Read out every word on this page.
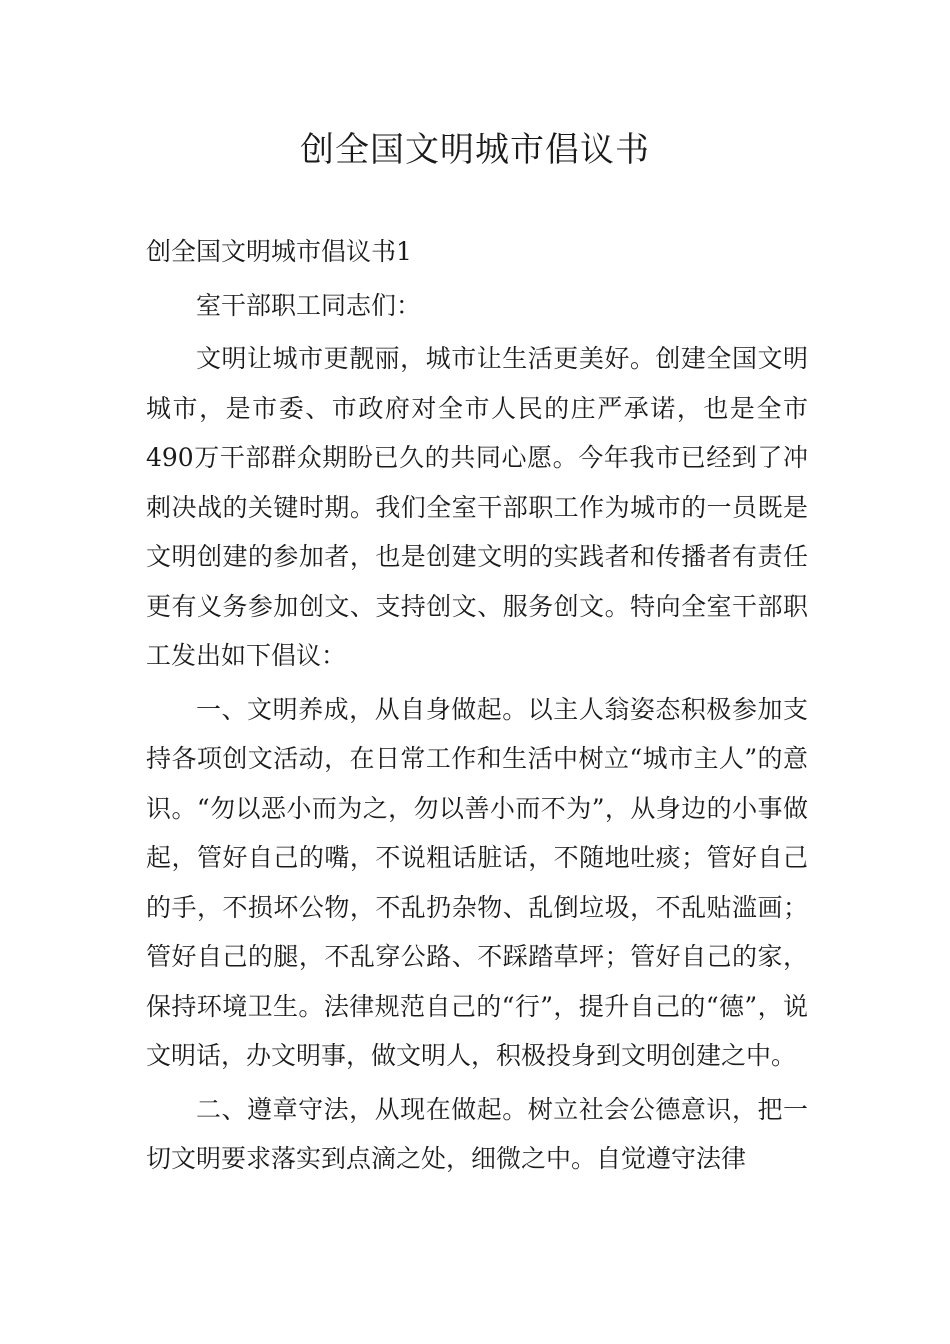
创全国文明城市倡议书

创全国文明城市倡议书1

室干部职工同志们：

文明让城市更靓丽，城市让生活更美好。创建全国文明城市，是市委、市政府对全市人民的庄严承诺，也是全市490万干部群众期盼已久的共同心愿。今年我市已经到了冲刺决战的关键时期。我们全室干部职工作为城市的一员既是文明创建的参加者，也是创建文明的实践者和传播者有责任更有义务参加创文、支持创文、服务创文。特向全室干部职工发出如下倡议：

一、文明养成，从自身做起。以主人翁姿态积极参加支持各项创文活动，在日常工作和生活中树立“城市主人”的意识。“勿以恶小而为之，勿以善小而不为”，从身边的小事做起，管好自己的嘴，不说粗话脏话，不随地吐痰；管好自己的手，不损坏公物，不乱扔杂物、乱倒垃圾，不乱贴滥画；管好自己的腿，不乱穿公路、不踩踏草坪；管好自己的家，保持环境卫生。法律规范自己的“行”，提升自己的“德”，说文明话，办文明事，做文明人，积极投身到文明创建之中。

二、遵章守法，从现在做起。树立社会公德意识，把一切文明要求落实到点滴之处，细微之中。自觉遵守法律
